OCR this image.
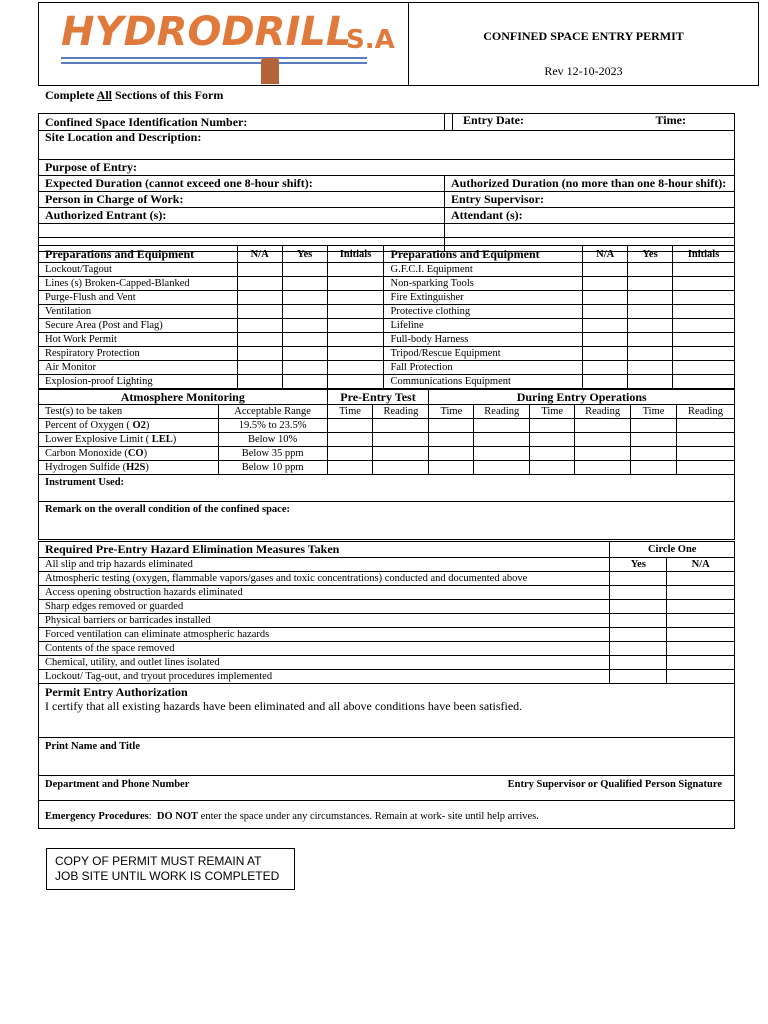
HYDRODRILL
S.A	CONFINED SPACE ENTRY PERMIT
Rev 12-10-2023
Complete All Sections of this Form
Confined Space Identification Number:	Entry Date: Time:

Site Location and Description:	
Purpose of Entry:	
Expected Duration (cannot exceed one 8-hour shift):	Authorized Duration (no more than one 8-hour shift):
Person in Charge of Work:	Entry Supervisor:
Authorized Entrant (s):	Attendant (s):

Preparations and Equipment	N/A	Yes	Initials	Preparations and Equipment	N/A	Yes	Initials
Lockout/Tagout				G.F.C.I. Equipment			
Lines (s) Broken-Capped-Blanked				Non-sparking Tools			
Purge-Flush and Vent				Fire Extinguisher			
Ventilation				Protective clothing			
Secure Area (Post and Flag)				Lifeline			
Hot Work Permit				Full-body Harness			
Respiratory Protection				Tripod/Rescue Equipment			
Air Monitor				Fall Protection			
Explosion-proof Lighting				Communications Equipment			
Atmosphere Monitoring		Pre-Entry Test		During Entry Operations					
Test(s) to be taken	Acceptable Range	Time	Reading	Time	Reading	Time	Reading	Time	Reading
Percent of Oxygen ( O2)	19.5% to 23.5%								
Lower Explosive Limit ( LEL)	Below 10%								
Carbon Monoxide (CO)	Below 35 ppm								
Hydrogen Sulfide (H2S)	Below 10 ppm								
Instrument Used:									
Remark on the overall condition of the confined space:									
Required Pre-Entry Hazard Elimination Measures Taken	Circle One	
All slip and trip hazards eliminated	Yes	N/A
Atmospheric testing (oxygen, flammable vapors/gases and toxic concentrations) conducted and documented above		
Access opening obstruction hazards eliminated		
Sharp edges removed or guarded		
Physical barriers or barricades installed		
Forced ventilation can eliminate atmospheric hazards		
Contents of the space removed		
Chemical, utility, and outlet lines isolated		
Lockout/ Tag-out, and tryout procedures implemented		
Permit Entry Authorization
I certify that all existing hazards have been eliminated and all above conditions have been satisfied.

Print Name and Title
Department and Phone Number	Entry Supervisor or Qualified Person Signature

Emergency Procedures:  DO NOT enter the space under any circumstances. Remain at work- site until help arrives.
COPY OF PERMIT MUST REMAIN AT
JOB SITE UNTIL WORK IS COMPLETED
